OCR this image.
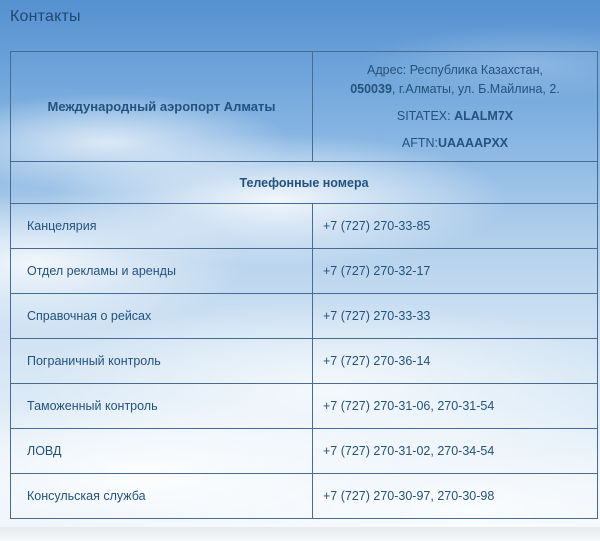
Контакты
Международный аэропорт Алматы	Адрес: Республика Казахстан,
050039, г.Алматы, ул. Б.Майлина, 2.
SITATEX: ALALM7X
AFTN:UAAAAPXX

Телефонные номера	
Канцелярия	+7 (727) 270-33-85
Отдел рекламы и аренды	+7 (727) 270-32-17
Справочная о рейсах	+7 (727) 270-33-33
Пограничный контроль	+7 (727) 270-36-14
Таможенный контроль	+7 (727) 270-31-06, 270-31-54
ЛОВД	+7 (727) 270-31-02, 270-34-54
Консульская служба	+7 (727) 270-30-97, 270-30-98
